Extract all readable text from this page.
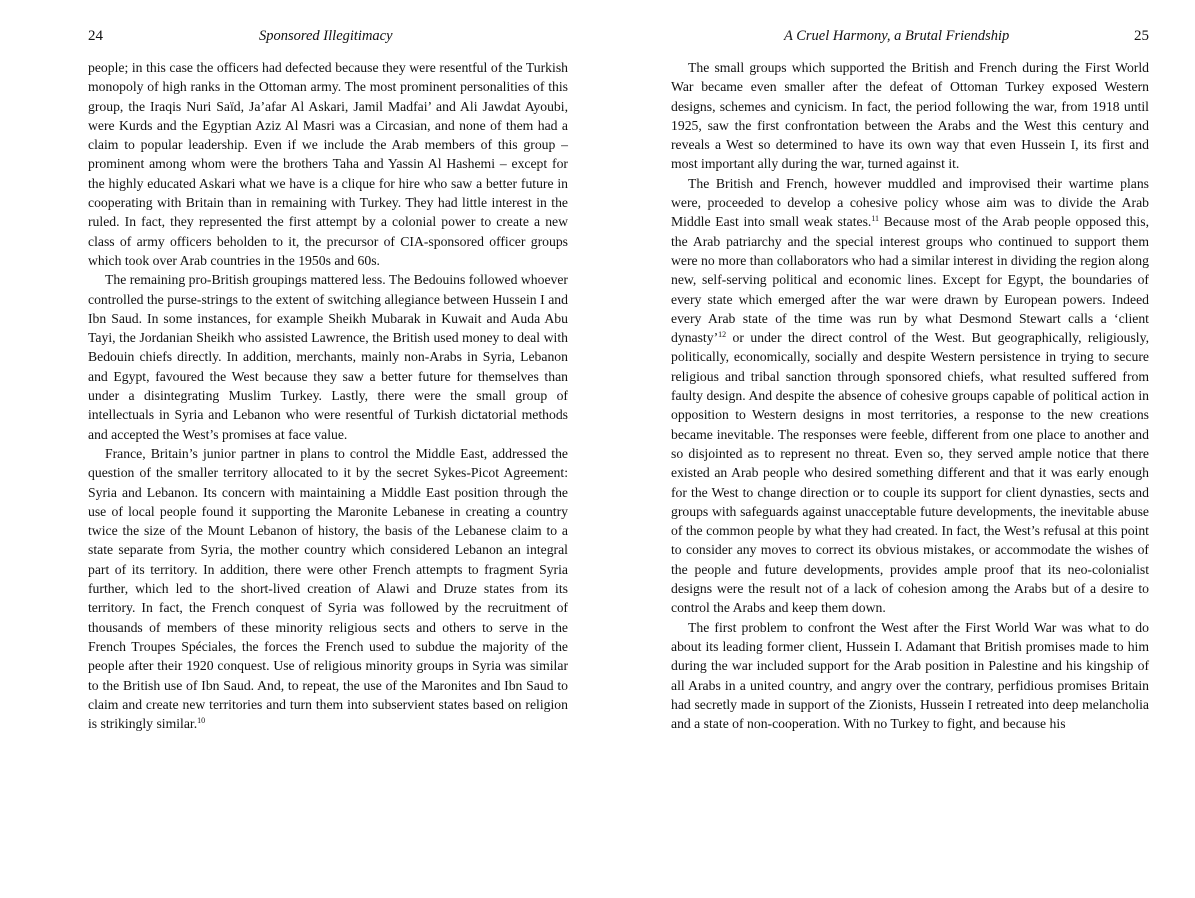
24	Sponsored Illegitimacy

people; in this case the officers had defected because they were resentful of the Turkish monopoly of high ranks in the Ottoman army. The most prominent personalities of this group, the Iraqis Nuri Saïd, Ja’afar Al Askari, Jamil Madfai’ and Ali Jawdat Ayoubi, were Kurds and the Egyptian Aziz Al Masri was a Circasian, and none of them had a claim to popular leadership. Even if we include the Arab members of this group – prominent among whom were the brothers Taha and Yassin Al Hashemi – except for the highly educated Askari what we have is a clique for hire who saw a better future in cooperating with Britain than in remaining with Turkey. They had little interest in the ruled. In fact, they represented the first attempt by a colonial power to create a new class of army officers beholden to it, the precursor of CIA-sponsored officer groups which took over Arab countries in the 1950s and 60s.

The remaining pro-British groupings mattered less. The Bedouins followed whoever controlled the purse-strings to the extent of switching allegiance between Hussein I and Ibn Saud. In some instances, for example Sheikh Mubarak in Kuwait and Auda Abu Tayi, the Jordanian Sheikh who assisted Lawrence, the British used money to deal with Bedouin chiefs directly. In addition, merchants, mainly non-Arabs in Syria, Lebanon and Egypt, favoured the West because they saw a better future for themselves than under a disintegrating Muslim Turkey. Lastly, there were the small group of intellectuals in Syria and Lebanon who were resentful of Turkish dictatorial methods and accepted the West’s promises at face value.

France, Britain’s junior partner in plans to control the Middle East, addressed the question of the smaller territory allocated to it by the secret Sykes-Picot Agreement: Syria and Lebanon. Its concern with maintaining a Middle East position through the use of local people found it supporting the Maronite Lebanese in creating a country twice the size of the Mount Lebanon of history, the basis of the Lebanese claim to a state separate from Syria, the mother country which considered Lebanon an integral part of its territory. In addition, there were other French attempts to fragment Syria further, which led to the short-lived creation of Alawi and Druze states from its territory. In fact, the French conquest of Syria was followed by the recruitment of thousands of members of these minority religious sects and others to serve in the French Troupes Spéciales, the forces the French used to subdue the majority of the people after their 1920 conquest. Use of religious minority groups in Syria was similar to the British use of Ibn Saud. And, to repeat, the use of the Maronites and Ibn Saud to claim and create new territories and turn them into subservient states based on religion is strikingly similar.$^{10}$

A Cruel Harmony, a Brutal Friendship	25

The small groups which supported the British and French during the First World War became even smaller after the defeat of Ottoman Turkey exposed Western designs, schemes and cynicism. In fact, the period following the war, from 1918 until 1925, saw the first confrontation between the Arabs and the West this century and reveals a West so determined to have its own way that even Hussein I, its first and most important ally during the war, turned against it.

The British and French, however muddled and improvised their wartime plans were, proceeded to develop a cohesive policy whose aim was to divide the Arab Middle East into small weak states.$^{11}$ Because most of the Arab people opposed this, the Arab patriarchy and the special interest groups who continued to support them were no more than collaborators who had a similar interest in dividing the region along new, self-serving political and economic lines. Except for Egypt, the boundaries of every state which emerged after the war were drawn by European powers. Indeed every Arab state of the time was run by what Desmond Stewart calls a ‘client dynasty’$^{12}$ or under the direct control of the West. But geographically, religiously, politically, economically, socially and despite Western persistence in trying to secure religious and tribal sanction through sponsored chiefs, what resulted suffered from faulty design. And despite the absence of cohesive groups capable of political action in opposition to Western designs in most territories, a response to the new creations became inevitable. The responses were feeble, different from one place to another and so disjointed as to represent no threat. Even so, they served ample notice that there existed an Arab people who desired something different and that it was early enough for the West to change direction or to couple its support for client dynasties, sects and groups with safeguards against unacceptable future developments, the inevitable abuse of the common people by what they had created. In fact, the West’s refusal at this point to consider any moves to correct its obvious mistakes, or accommodate the wishes of the people and future developments, provides ample proof that its neo-colonialist designs were the result not of a lack of cohesion among the Arabs but of a desire to control the Arabs and keep them down.

The first problem to confront the West after the First World War was what to do about its leading former client, Hussein I. Adamant that British promises made to him during the war included support for the Arab position in Palestine and his kingship of all Arabs in a united country, and angry over the contrary, perfidious promises Britain had secretly made in support of the Zionists, Hussein I retreated into deep melancholia and a state of non-cooperation. With no Turkey to fight, and because his
